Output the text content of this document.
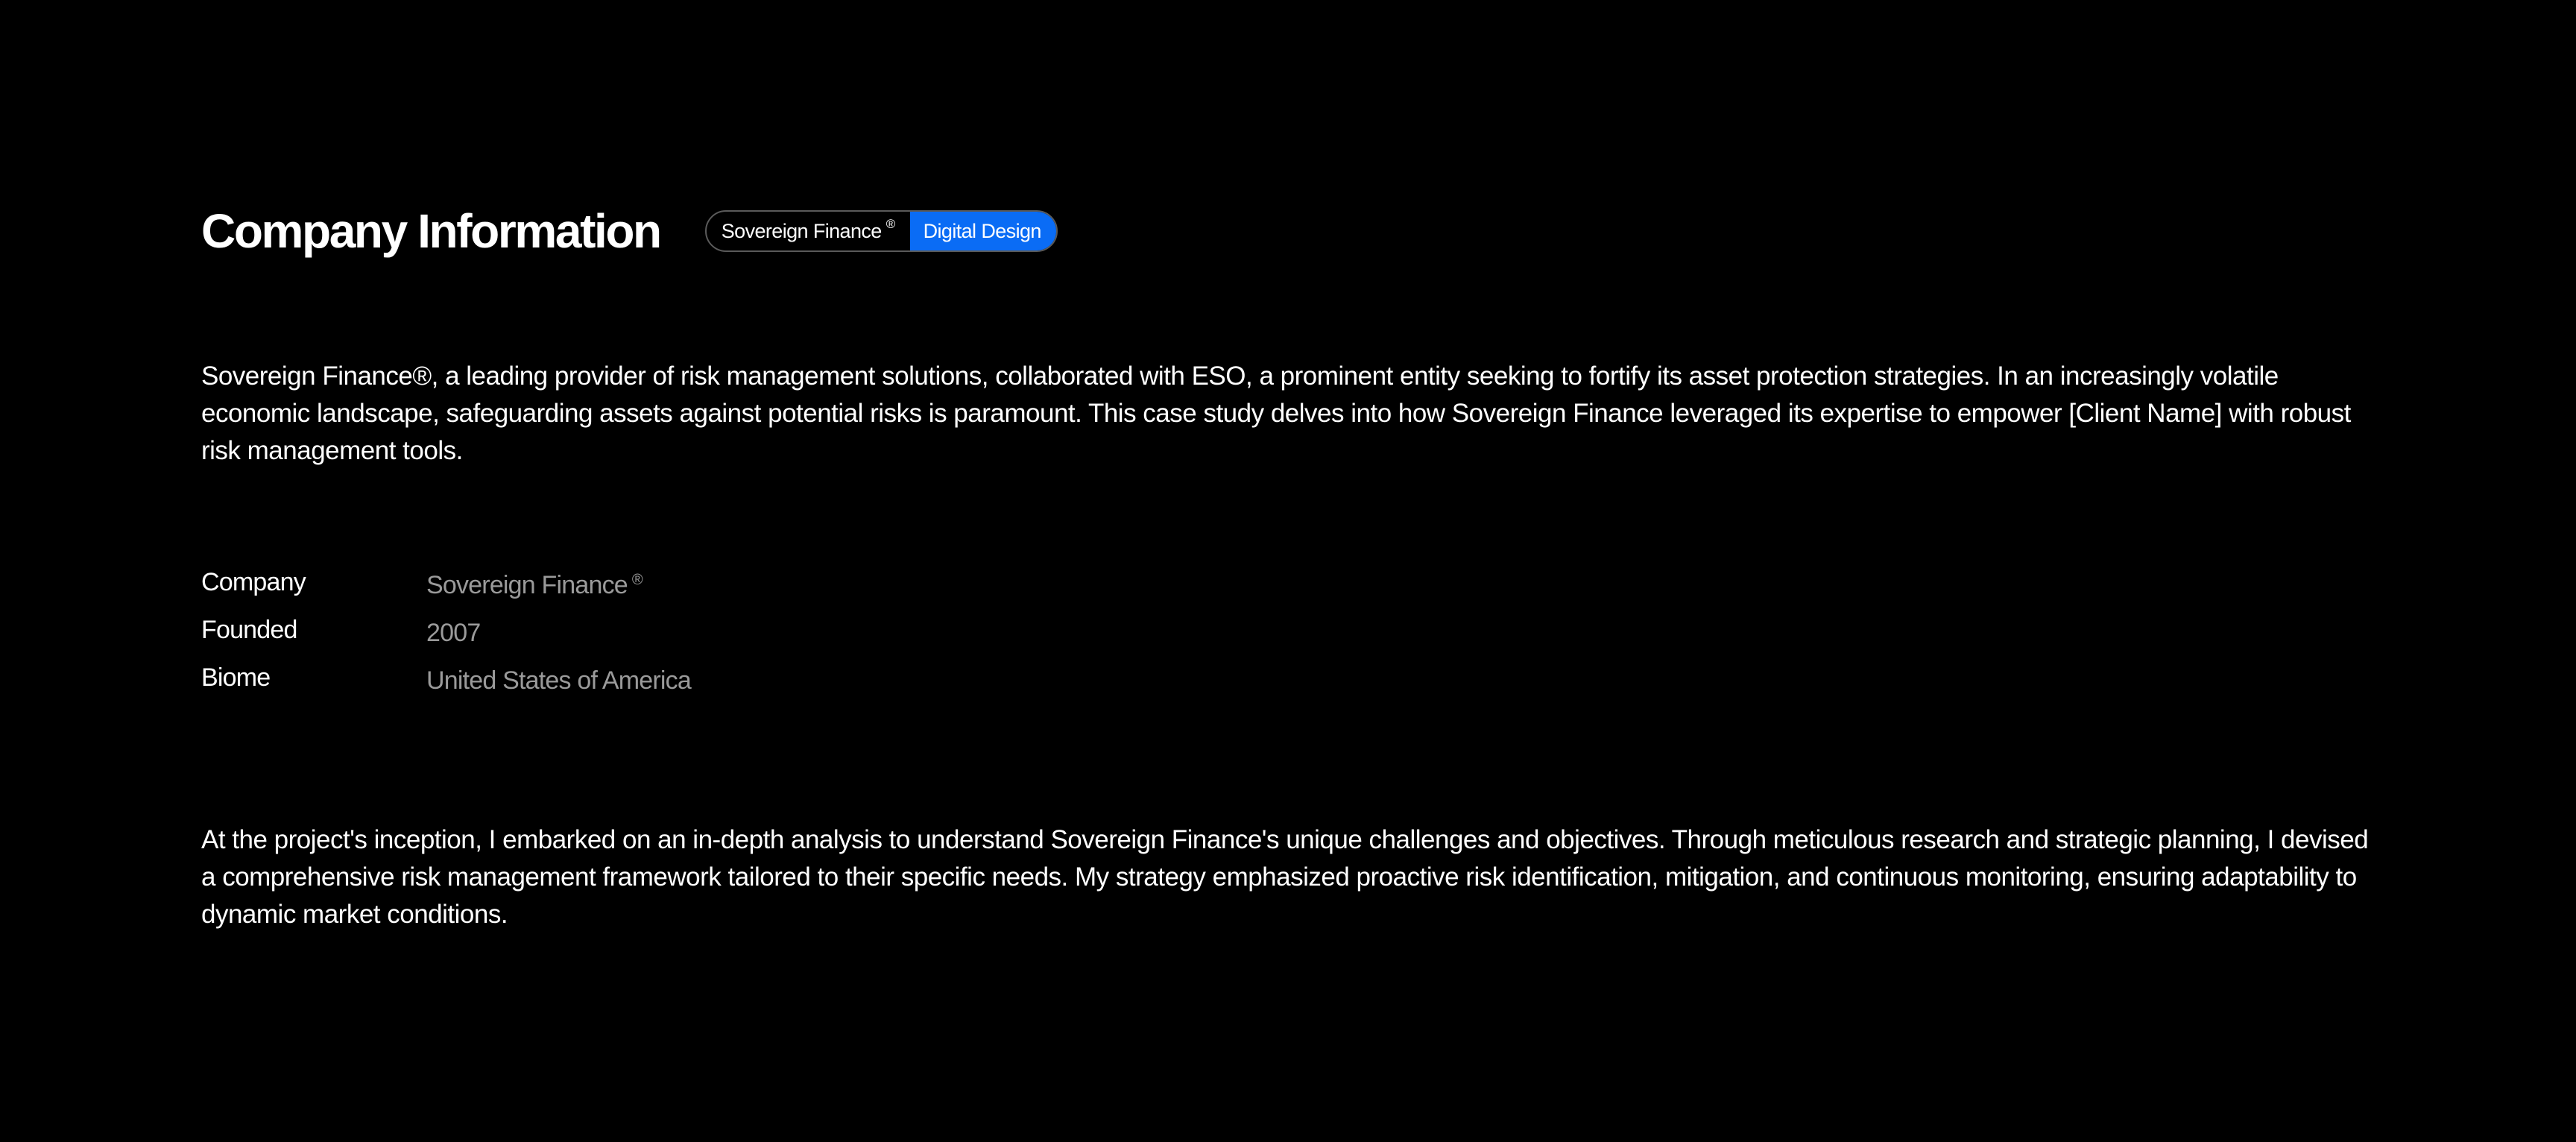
Company Information	Sovereign Finance ® Digital Design

Sovereign Finance®, a leading provider of risk management solutions, collaborated with ESO, a prominent entity seeking to fortify its asset protection strategies. In an increasingly volatile economic landscape, safeguarding assets against potential risks is paramount. This case study delves into how Sovereign Finance leveraged its expertise to empower [Client Name] with robust risk management tools.

Company	Sovereign Finance ®
Founded	2007
Biome	United States of America

At the project's inception, I embarked on an in-depth analysis to understand Sovereign Finance's unique challenges and objectives. Through meticulous research and strategic planning, I devised a comprehensive risk management framework tailored to their specific needs. My strategy emphasized proactive risk identification, mitigation, and continuous monitoring, ensuring adaptability to dynamic market conditions.
